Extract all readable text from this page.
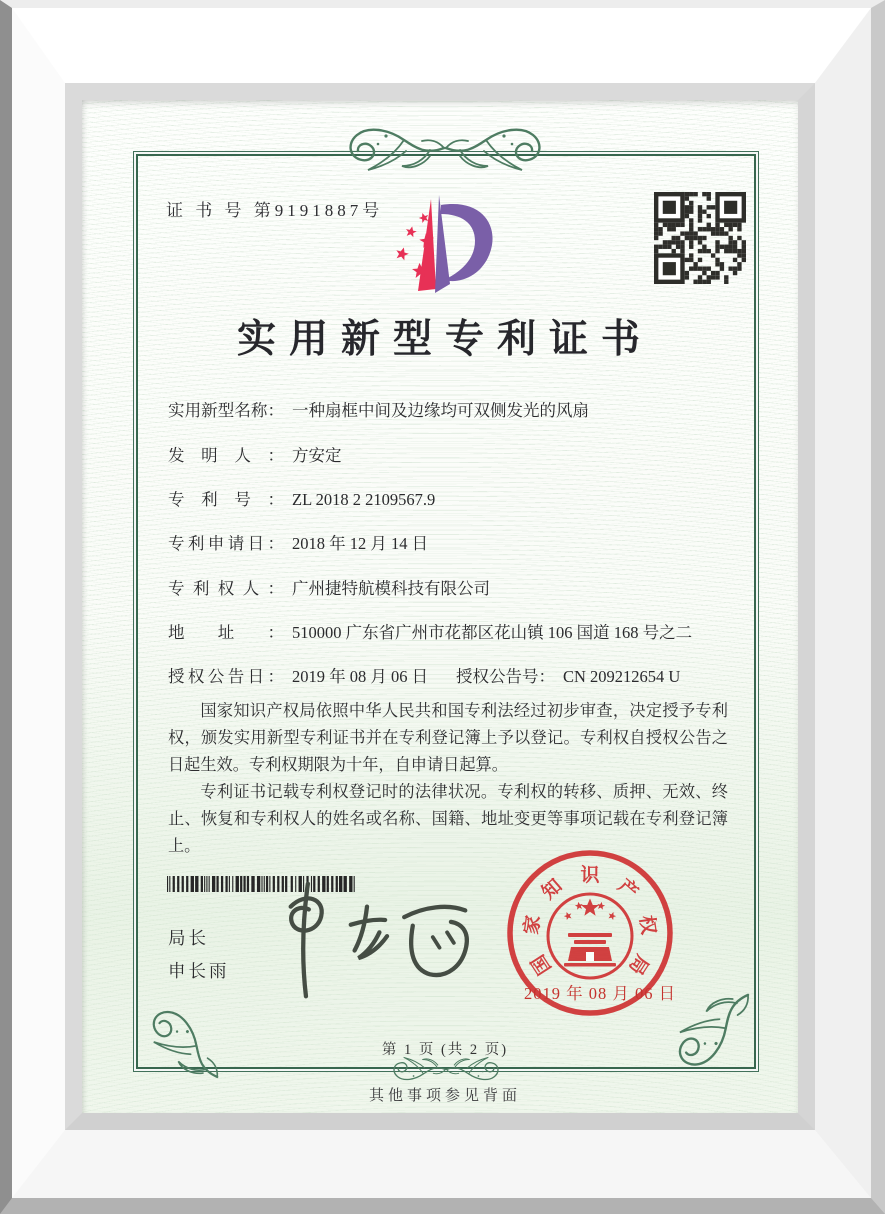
证 书 号 第9191887号
实用新型专利证书
实用新型名称 ： 一种扇框中间及边缘均可双侧发光的风扇
发明人 ： 方安定
专利号 ： ZL 2018 2 2109567.9
专利申请日 ： 2018 年 12 月 14 日
专利权人 ： 广州捷特航模科技有限公司
地址 ： 510000 广东省广州市花都区花山镇 106 国道 168 号之二
授权公告日 ： 2019 年 08 月 06 日 授权公告号 ： CN 209212654 U

国家知识产权局依照中华人民共和国专利法经过初步审查，决定授予专利权，颁发实用新型专利证书并在专利登记簿上予以登记。专利权自授权公告之日起生效。专利权期限为十年，自申请日起算。

专利证书记载专利权登记时的法律状况。专利权的转移、质押、无效、终止、恢复和专利权人的姓名或名称、国籍、地址变更等事项记载在专利登记簿上。

局长
申长雨	国
家
知 识 产
权
局
2019 年 08 月 06 日
第 1 页 (共 2 页)
其他事项参见背面
